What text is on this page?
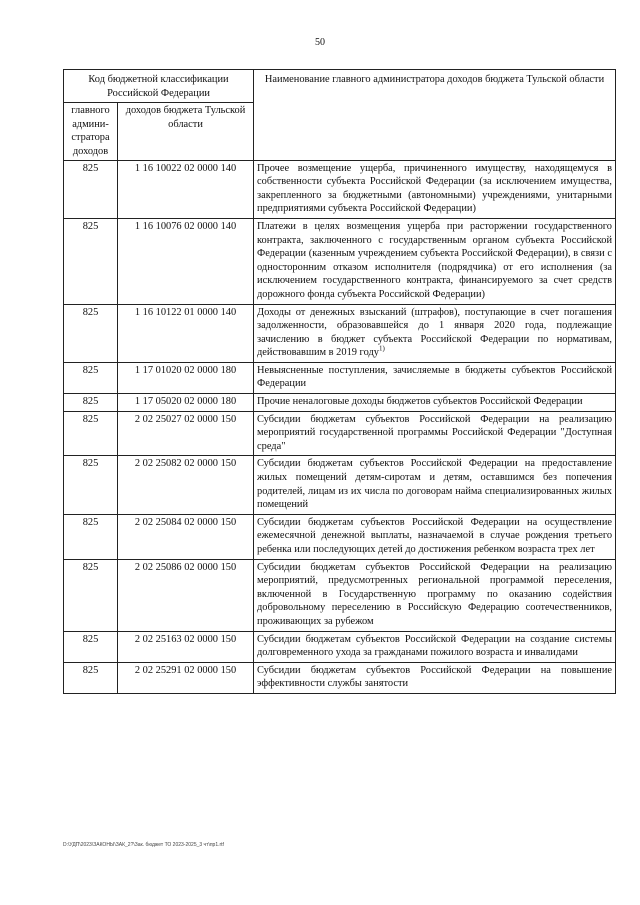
50
Код бюджетной классификации Российской Федерации		Наименование главного администратора доходов бюджета Тульской области
главного админи-стратора доходов	доходов бюджета Тульской области	
825	1 16 10022 02 0000 140	Прочее возмещение ущерба, причиненного имуществу, находящемуся в собственности субъекта Российской Федерации (за исключением имущества, закрепленного за бюджетными (автономными) учреждениями, унитарными предприятиями субъекта Российской Федерации)
825	1 16 10076 02 0000 140	Платежи в целях возмещения ущерба при расторжении государственного контракта, заключенного с государственным органом субъекта Российской Федерации (казенным учреждением субъекта Российской Федерации), в связи с односторонним отказом исполнителя (подрядчика) от его исполнения (за исключением государственного контракта, финансируемого за счет средств дорожного фонда субъекта Российской Федерации)
825	1 16 10122 01 0000 140	Доходы от денежных взысканий (штрафов), поступающие в счет погашения задолженности, образовавшейся до 1 января 2020 года, подлежащие зачислению в бюджет субъекта Российской Федерации по нормативам, действовавшим в 2019 году$^{1)}$
825	1 17 01020 02 0000 180	Невыясненные поступления, зачисляемые в бюджеты субъектов Российской Федерации
825	1 17 05020 02 0000 180	Прочие неналоговые доходы бюджетов субъектов Российской Федерации
825	2 02 25027 02 0000 150	Субсидии бюджетам субъектов Российской Федерации на реализацию мероприятий государственной программы Российской Федерации "Доступная среда"
825	2 02 25082 02 0000 150	Субсидии бюджетам субъектов Российской Федерации на предоставление жилых помещений детям-сиротам и детям, оставшимся без попечения родителей, лицам из их числа по договорам найма специализированных жилых помещений
825	2 02 25084 02 0000 150	Субсидии бюджетам субъектов Российской Федерации на осуществление ежемесячной денежной выплаты, назначаемой в случае рождения третьего ребенка или последующих детей до достижения ребенком возраста трех лет
825	2 02 25086 02 0000 150	Субсидии бюджетам субъектов Российской Федерации на реализацию мероприятий, предусмотренных региональной программой переселения, включенной в Государственную программу по оказанию содействия добровольному переселению в Российскую Федерацию соотечественников, проживающих за рубежом
825	2 02 25163 02 0000 150	Субсидии бюджетам субъектов Российской Федерации на создание системы долговременного ухода за гражданами пожилого возраста и инвалидами
825	2 02 25291 02 0000 150	Субсидии бюджетам субъектов Российской Федерации на повышение эффективности службы занятости
D:\УДП\2023\ЗАКОНЫ\ЗАК_2?\Зак. бюджет ТО 2023-2025_3 чт\пр1.rtf
